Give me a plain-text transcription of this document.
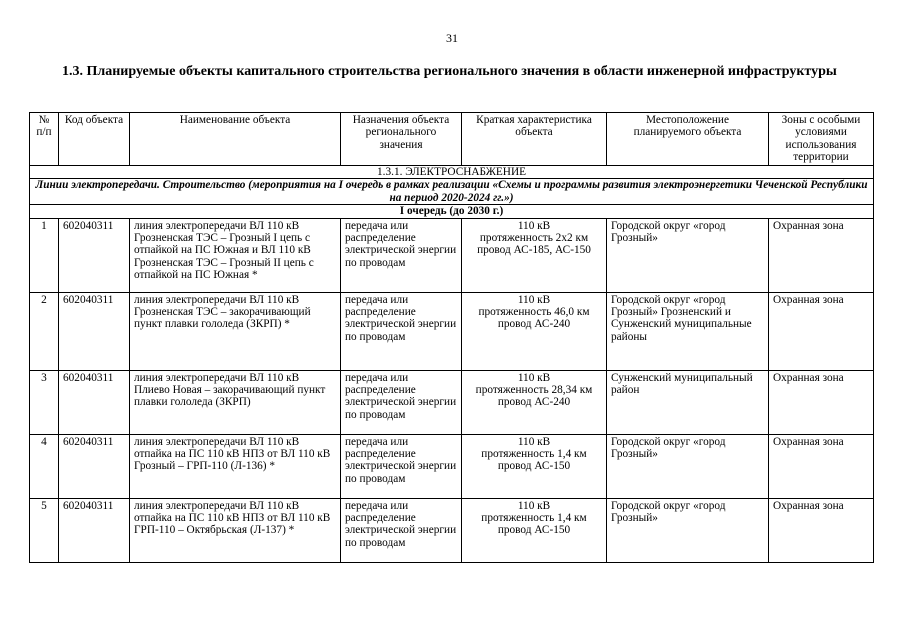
31
1.3. Планируемые объекты капитального строительства регионального значения в области инженерной инфраструктуры
№ п/п	Код объекта	Наименование объекта	Назначения объекта регионального значения	Краткая характеристика объекта	Местоположение планируемого объекта	Зоны с особыми условиями использования территории
1.3.1. ЭЛЕКТРОСНАБЖЕНИЕ						
Линии электропередачи. Строительство (мероприятия на I очередь в рамках реализации «Схемы и программы развития электроэнергетики Чеченской Республики на период 2020-2024 гг.»)						
I очередь (до 2030 г.)						
1	602040311	линия электропередачи ВЛ 110 кВ Грозненская ТЭС – Грозный I цепь с отпайкой на ПС Южная и ВЛ 110 кВ Грозненская ТЭС – Грозный II цепь с отпайкой на ПС Южная *	передача или распределение электрической энергии по проводам	110 кВ
протяженность 2х2 км
провод АС-185, АС-150	Городской округ «город Грозный»	Охранная зона
2	602040311	линия электропередачи ВЛ 110 кВ Грозненская ТЭС – закорачивающий пункт плавки гололеда (ЗКРП) *	передача или распределение электрической энергии по проводам	110 кВ
протяженность 46,0 км
провод АС-240	Городской округ «город Грозный» Грозненский и Сунженский муниципальные районы	Охранная зона
3	602040311	линия электропередачи ВЛ 110 кВ Плиево Новая – закорачивающий пункт плавки гололеда (ЗКРП)	передача или распределение электрической энергии по проводам	110 кВ
протяженность 28,34 км
провод АС-240	Сунженский муниципальный район	Охранная зона
4	602040311	линия электропередачи ВЛ 110 кВ отпайка на ПС 110 кВ НПЗ от ВЛ 110 кВ Грозный – ГРП-110 (Л-136) *	передача или распределение электрической энергии по проводам	110 кВ
протяженность 1,4 км
провод АС-150	Городской округ «город Грозный»	Охранная зона
5	602040311	линия электропередачи ВЛ 110 кВ отпайка на ПС 110 кВ НПЗ от ВЛ 110 кВ ГРП-110 – Октябрьская (Л-137) *	передача или распределение электрической энергии по проводам	110 кВ
протяженность 1,4 км
провод АС-150	Городской округ «город Грозный»	Охранная зона
